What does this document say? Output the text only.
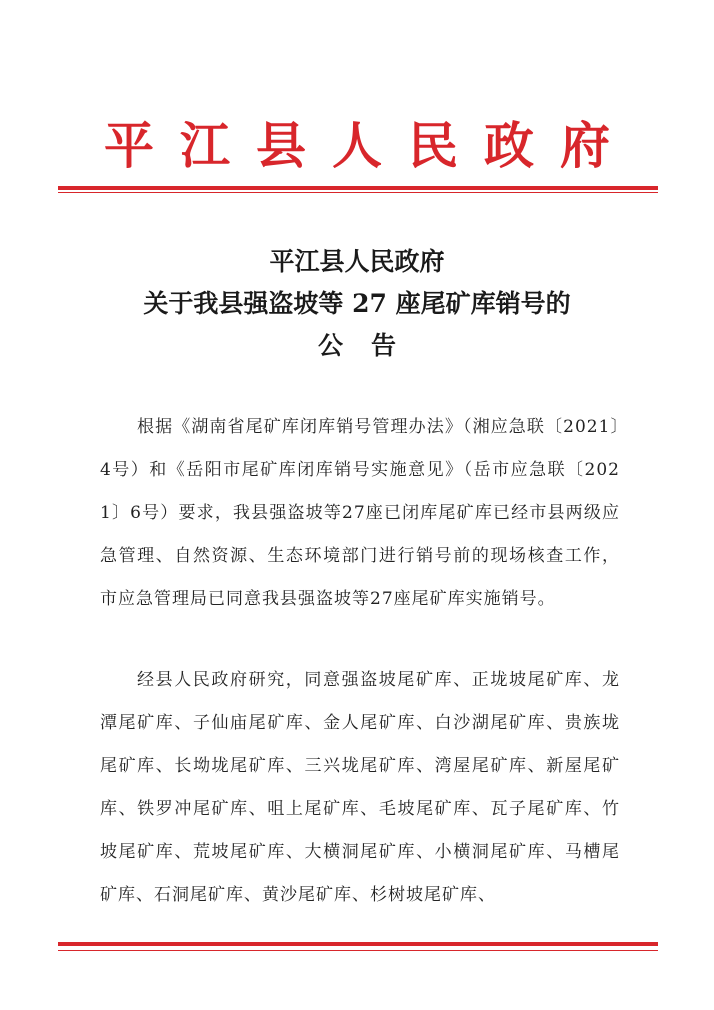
平江县人民政府
平江县人民政府
关于我县强盗坡等 27 座尾矿库销号的
公告
根据《湖南省尾矿库闭库销号管理办法》（湘应急联〔2021〕4号）和《岳阳市尾矿库闭库销号实施意见》（岳市应急联〔2021〕6号）要求，我县强盗坡等27座已闭库尾矿库已经市县两级应急管理、自然资源、生态环境部门进行销号前的现场核查工作，市应急管理局已同意我县强盗坡等27座尾矿库实施销号。
经县人民政府研究，同意强盗坡尾矿库、正垅坡尾矿库、龙潭尾矿库、子仙庙尾矿库、金人尾矿库、白沙湖尾矿库、贵族垅尾矿库、长坳垅尾矿库、三兴垅尾矿库、湾屋尾矿库、新屋尾矿库、铁罗冲尾矿库、咀上尾矿库、毛坡尾矿库、瓦子尾矿库、竹坡尾矿库、荒坡尾矿库、大横洞尾矿库、小横洞尾矿库、马槽尾矿库、石洞尾矿库、黄沙尾矿库、杉树坡尾矿库、
